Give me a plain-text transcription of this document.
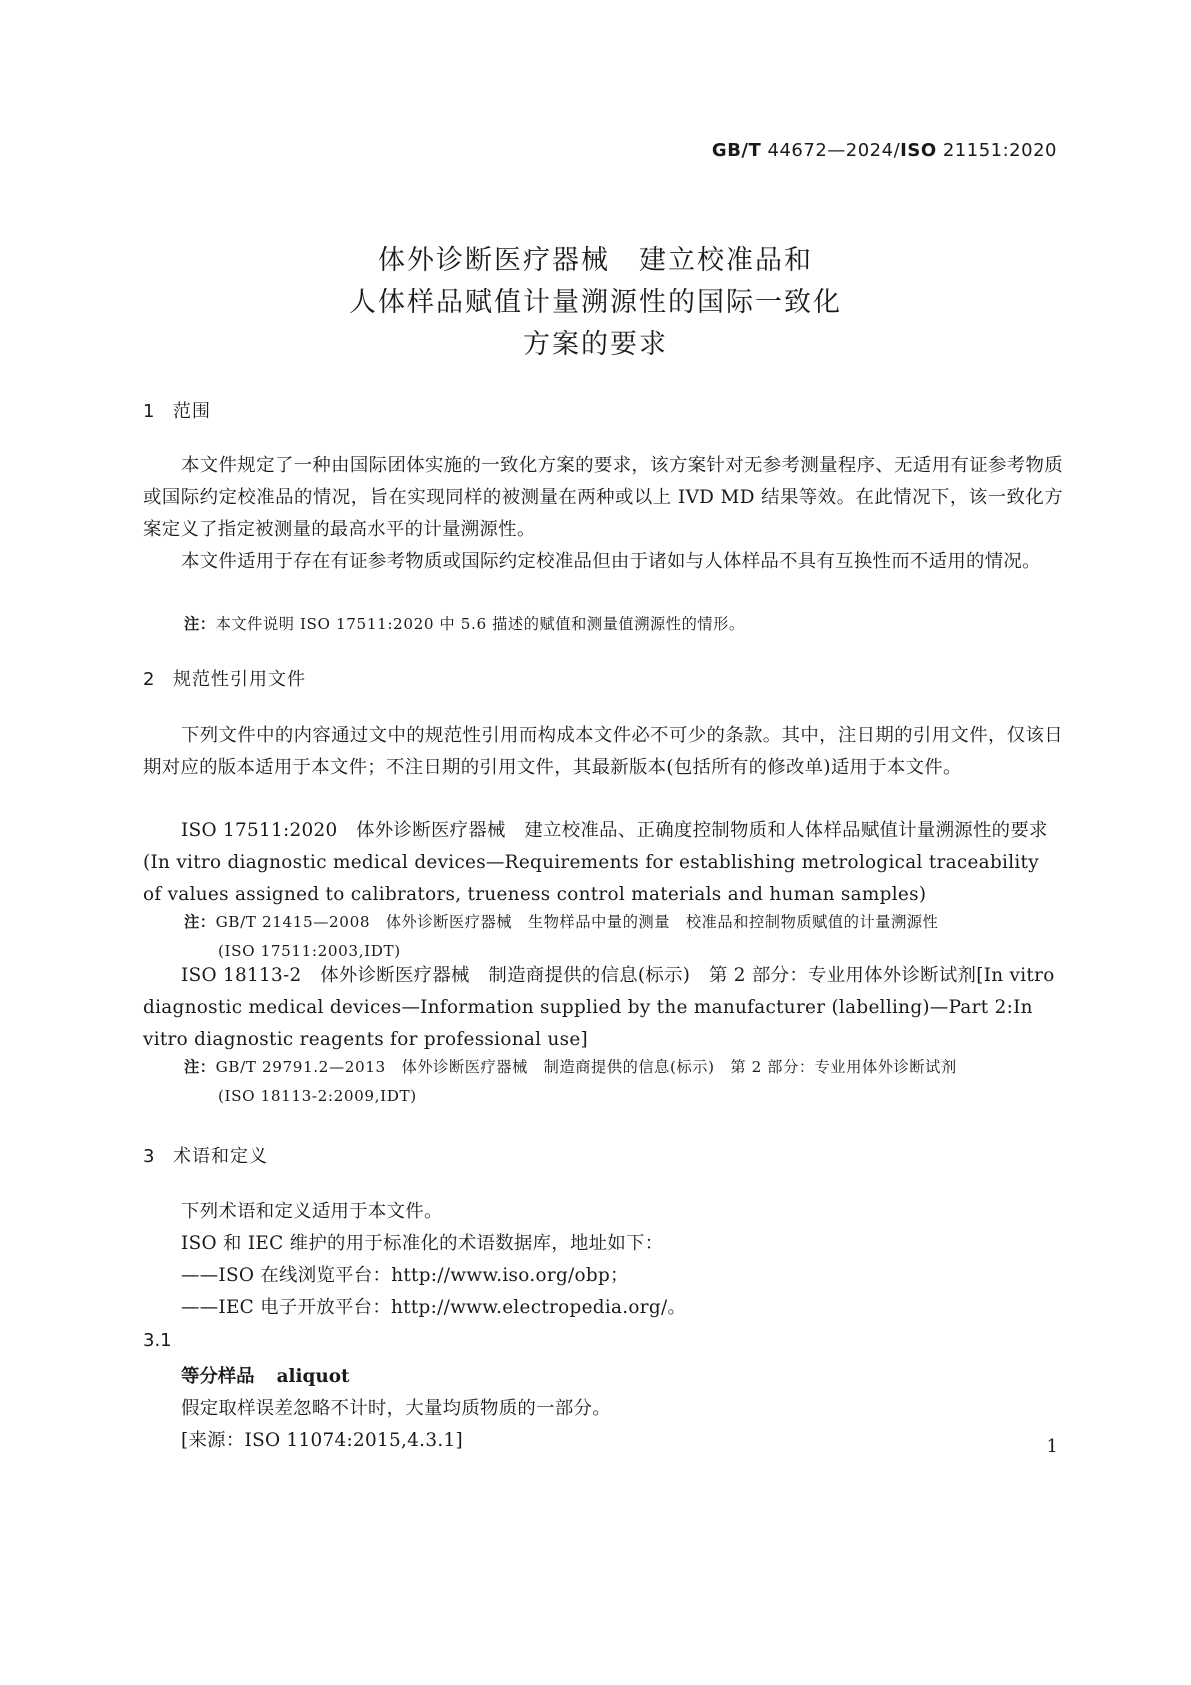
GB/T 44672—2024/ISO 21151:2020
体外诊断医疗器械　建立校准品和
人体样品赋值计量溯源性的国际一致化
方案的要求
1 范围
本文件规定了一种由国际团体实施的一致化方案的要求，该方案针对无参考测量程序、无适用有证参考物质或国际约定校准品的情况，旨在实现同样的被测量在两种或以上 IVD MD 结果等效。在此情况下，该一致化方案定义了指定被测量的最高水平的计量溯源性。
本文件适用于存在有证参考物质或国际约定校准品但由于诸如与人体样品不具有互换性而不适用的情况。
注：本文件说明 ISO 17511:2020 中 5.6 描述的赋值和测量值溯源性的情形。
2 规范性引用文件
下列文件中的内容通过文中的规范性引用而构成本文件必不可少的条款。其中，注日期的引用文件，仅该日期对应的版本适用于本文件；不注日期的引用文件，其最新版本(包括所有的修改单)适用于本文件。
ISO 17511:2020　体外诊断医疗器械　建立校准品、正确度控制物质和人体样品赋值计量溯源性的要求(In vitro diagnostic medical devices—Requirements for establishing metrological traceability of values assigned to calibrators, trueness control materials and human samples)
注：GB/T 21415—2008　体外诊断医疗器械　生物样品中量的测量　校准品和控制物质赋值的计量溯源性
(ISO 17511:2003,IDT)
ISO 18113-2　体外诊断医疗器械　制造商提供的信息(标示)　第 2 部分：专业用体外诊断试剂[In vitro diagnostic medical devices—Information supplied by the manufacturer (labelling)—Part 2:In vitro diagnostic reagents for professional use]
注：GB/T 29791.2—2013　体外诊断医疗器械　制造商提供的信息(标示)　第 2 部分：专业用体外诊断试剂
(ISO 18113-2:2009,IDT)
3 术语和定义
下列术语和定义适用于本文件。
ISO 和 IEC 维护的用于标准化的术语数据库，地址如下：
——ISO 在线浏览平台：http://www.iso.org/obp；
——IEC 电子开放平台：http://www.electropedia.org/。
3.1
等分样品 aliquot
假定取样误差忽略不计时，大量均质物质的一部分。
[来源：ISO 11074:2015,4.3.1]	1
